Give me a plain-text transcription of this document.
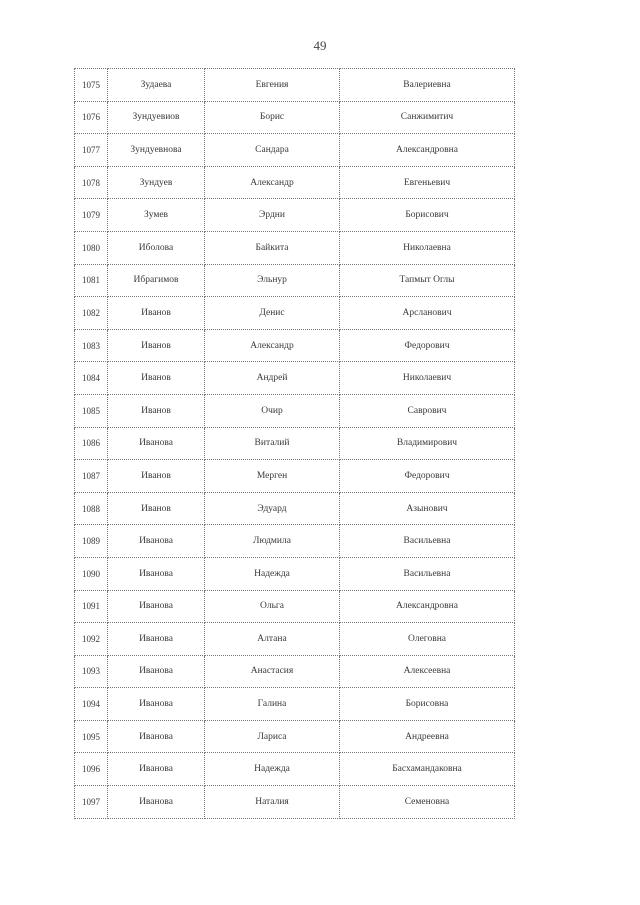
49
1075	Зудаева	Евгения	Валериевна
1076	Зундуевиов	Борис	Санжимитич
1077	Зундуевнова	Сандара	Александровна
1078	Зундуев	Александр	Евгеньевич
1079	Зумев	Эрдни	Борисович
1080	Иболова	Байкита	Николаевна
1081	Ибрагимов	Эльнур	Тапмыт Оглы
1082	Иванов	Денис	Арсланович
1083	Иванов	Александр	Федорович
1084	Иванов	Андрей	Николаевич
1085	Иванов	Очир	Саврович
1086	Иванова	Виталий	Владимирович
1087	Иванов	Мерген	Федорович
1088	Иванов	Эдуард	Азынович
1089	Иванова	Людмила	Васильевна
1090	Иванова	Надежда	Васильевна
1091	Иванова	Ольга	Александровна
1092	Иванова	Алтана	Олеговна
1093	Иванова	Анастасия	Алексеевна
1094	Иванова	Галина	Борисовна
1095	Иванова	Лариса	Андреевна
1096	Иванова	Надежда	Басхамандаковна
1097	Иванова	Наталия	Семеновна
